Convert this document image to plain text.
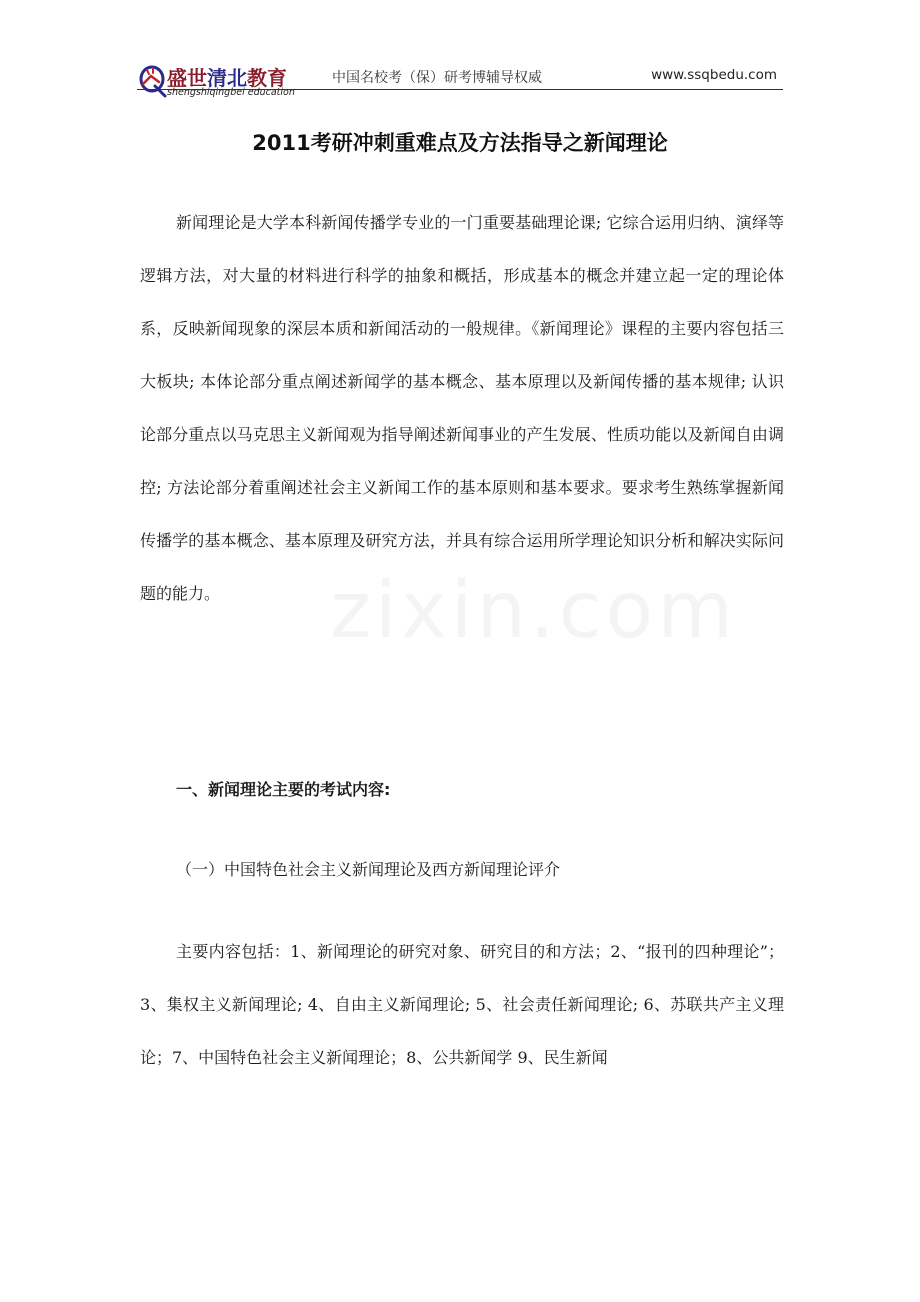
盛世清北教育
shengshiqingbei education
中国名校考（保）研考博辅导权威	www.ssqbedu.com
2011考研冲刺重难点及方法指导之新闻理论

新闻理论是大学本科新闻传播学专业的一门重要基础理论课; 它综合运用归纳、演绎等逻辑方法，对大量的材料进行科学的抽象和概括，形成基本的概念并建立起一定的理论体系，反映新闻现象的深层本质和新闻活动的一般规律。《新闻理论》课程的主要内容包括三大板块; 本体论部分重点阐述新闻学的基本概念、基本原理以及新闻传播的基本规律; 认识论部分重点以马克思主义新闻观为指导阐述新闻事业的产生发展、性质功能以及新闻自由调控; 方法论部分着重阐述社会主义新闻工作的基本原则和基本要求。要求考生熟练掌握新闻传播学的基本概念、基本原理及研究方法，并具有综合运用所学理论知识分析和解决实际问题的能力。

一、新闻理论主要的考试内容:
（一）中国特色社会主义新闻理论及西方新闻理论评介

主要内容包括：1、新闻理论的研究对象、研究目的和方法；2、“报刊的四种理论”；3、集权主义新闻理论; 4、自由主义新闻理论; 5、社会责任新闻理论; 6、苏联共产主义理论；7、中国特色社会主义新闻理论；8、公共新闻学 9、民生新闻
